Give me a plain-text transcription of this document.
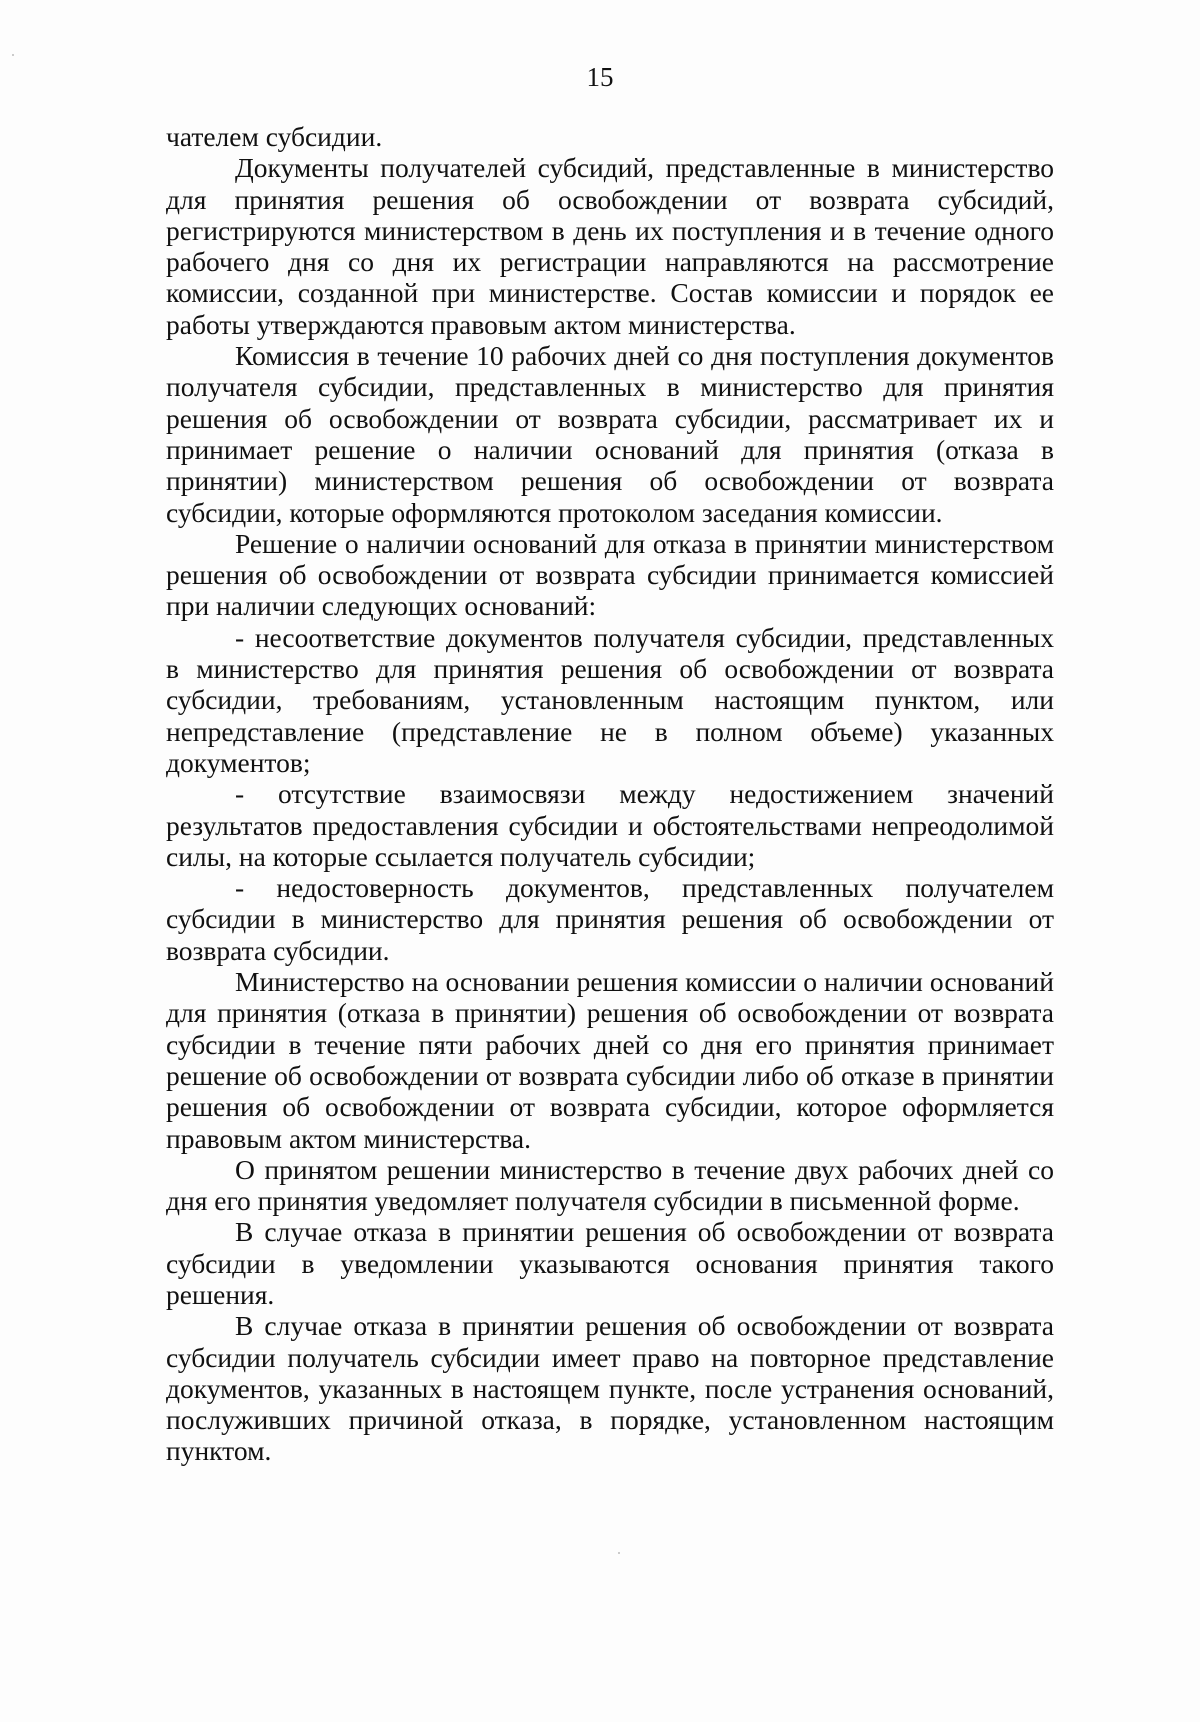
15

чателем субсидии.

Документы получателей субсидий, представленные в министерство для принятия решения об освобождении от возврата субсидий, регистрируются министерством в день их поступления и в течение одного рабочего дня со дня их регистрации направляются на рассмотрение комиссии, созданной при министерстве. Состав комиссии и порядок ее работы утверждаются правовым актом министерства.

Комиссия в течение 10 рабочих дней со дня поступления документов получателя субсидии, представленных в министерство для принятия решения об освобождении от возврата субсидии, рассматривает их и принимает решение о наличии оснований для принятия (отказа в принятии) министерством решения об освобождении от возврата субсидии, которые оформляются протоколом заседания комиссии.

Решение о наличии оснований для отказа в принятии министерством решения об освобождении от возврата субсидии принимается комиссией при наличии следующих оснований:

- несоответствие документов получателя субсидии, представленных в министерство для принятия решения об освобождении от возврата субсидии, требованиям, установленным настоящим пунктом, или непредставление (представление не в полном объеме) указанных документов;

- отсутствие взаимосвязи между недостижением значений результатов предоставления субсидии и обстоятельствами непреодолимой силы, на которые ссылается получатель субсидии;

- недостоверность документов, представленных получателем субсидии в министерство для принятия решения об освобождении от возврата субсидии.

Министерство на основании решения комиссии о наличии оснований для принятия (отказа в принятии) решения об освобождении от возврата субсидии в течение пяти рабочих дней со дня его принятия принимает решение об освобождении от возврата субсидии либо об отказе в принятии решения об освобождении от возврата субсидии, которое оформляется правовым актом министерства.

О принятом решении министерство в течение двух рабочих дней со дня его принятия уведомляет получателя субсидии в письменной форме.

В случае отказа в принятии решения об освобождении от возврата субсидии в уведомлении указываются основания принятия такого решения.

В случае отказа в принятии решения об освобождении от возврата субсидии получатель субсидии имеет право на повторное представление документов, указанных в настоящем пункте, после устранения оснований, послуживших причиной отказа, в порядке, установленном настоящим пунктом.
